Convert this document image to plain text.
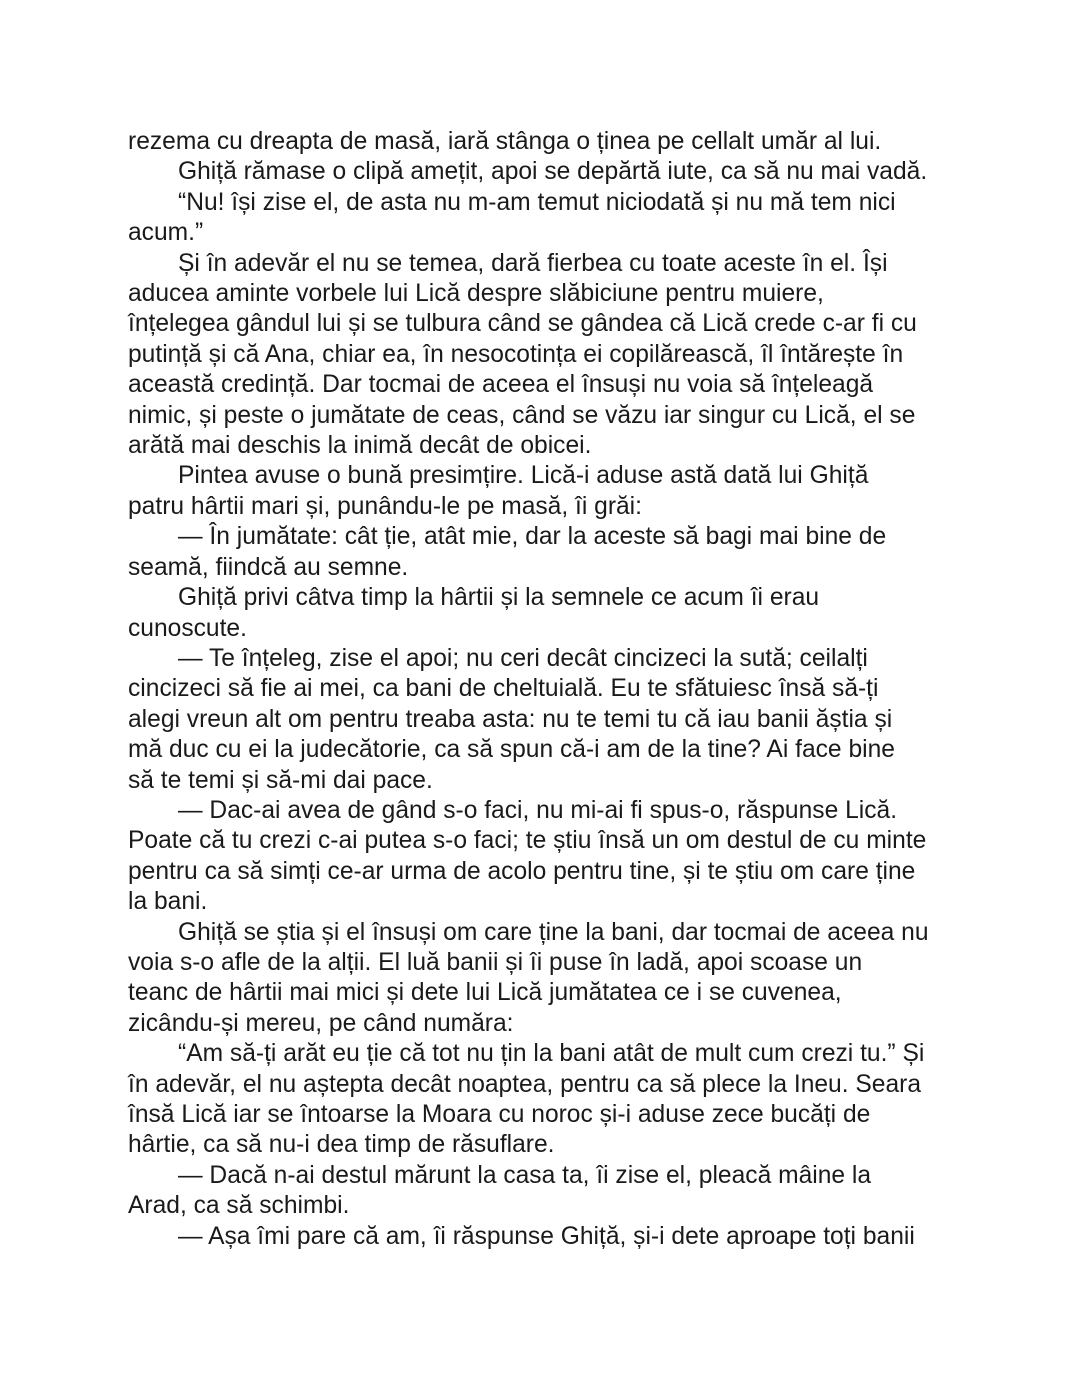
rezema cu dreapta de masă, iară stânga o ținea pe cellalt umăr al lui.
Ghiță rămase o clipă amețit, apoi se depărtă iute, ca să nu mai vadă.
“Nu! își zise el, de asta nu m-am temut niciodată și nu mă tem nici
acum.”
Și în adevăr el nu se temea, dară fierbea cu toate aceste în el. Își
aducea aminte vorbele lui Lică despre slăbiciune pentru muiere,
înțelegea gândul lui și se tulbura când se gândea că Lică crede c-ar fi cu
putință și că Ana, chiar ea, în nesocotința ei copilărească, îl întărește în
această credință. Dar tocmai de aceea el însuși nu voia să înțeleagă
nimic, și peste o jumătate de ceas, când se văzu iar singur cu Lică, el se
arătă mai deschis la inimă decât de obicei.
Pintea avuse o bună presimțire. Lică-i aduse astă dată lui Ghiță
patru hârtii mari și, punându-le pe masă, îi grăi:
— În jumătate: cât ție, atât mie, dar la aceste să bagi mai bine de
seamă, fiindcă au semne.
Ghiță privi câtva timp la hârtii și la semnele ce acum îi erau
cunoscute.
— Te înțeleg, zise el apoi; nu ceri decât cincizeci la sută; ceilalți
cincizeci să fie ai mei, ca bani de cheltuială. Eu te sfătuiesc însă să-ți
alegi vreun alt om pentru treaba asta: nu te temi tu că iau banii ăștia și
mă duc cu ei la judecătorie, ca să spun că-i am de la tine? Ai face bine
să te temi și să-mi dai pace.
— Dac-ai avea de gând s-o faci, nu mi-ai fi spus-o, răspunse Lică.
Poate că tu crezi c-ai putea s-o faci; te știu însă un om destul de cu minte
pentru ca să simți ce-ar urma de acolo pentru tine, și te știu om care ține
la bani.
Ghiță se știa și el însuși om care ține la bani, dar tocmai de aceea nu
voia s-o afle de la alții. El luă banii și îi puse în ladă, apoi scoase un
teanc de hârtii mai mici și dete lui Lică jumătatea ce i se cuvenea,
zicându-și mereu, pe când număra:
“Am să-ți arăt eu ție că tot nu țin la bani atât de mult cum crezi tu.” Și
în adevăr, el nu aștepta decât noaptea, pentru ca să plece la Ineu. Seara
însă Lică iar se întoarse la Moara cu noroc și-i aduse zece bucăți de
hârtie, ca să nu-i dea timp de răsuflare.
— Dacă n-ai destul mărunt la casa ta, îi zise el, pleacă mâine la
Arad, ca să schimbi.
— Așa îmi pare că am, îi răspunse Ghiță, și-i dete aproape toți banii
